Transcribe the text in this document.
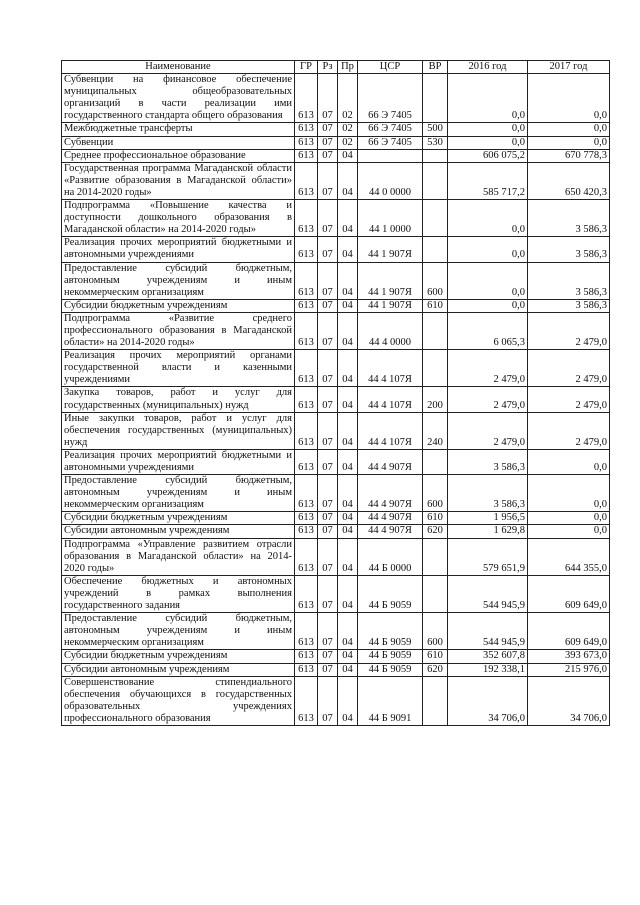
Наименование	ГР	Рз	Пр	ЦСР	ВР	2016 год	2017 год
Субвенции на финансовое обеспечение муниципальных общеобразовательных организаций в части реализации ими государственного стандарта общего образования	613	07	02	66 Э 7405		0,0	0,0
Межбюджетные трансферты	613	07	02	66 Э 7405	500	0,0	0,0
Субвенции	613	07	02	66 Э 7405	530	0,0	0,0
Среднее профессиональное образование	613	07	04			606 075,2	670 778,3
Государственная программа Магаданской области «Развитие образования в Магаданской области» на 2014-2020 годы»	613	07	04	44 0 0000		585 717,2	650 420,3
Подпрограмма «Повышение качества и доступности дошкольного образования в Магаданской области» на 2014-2020 годы»	613	07	04	44 1 0000		0,0	3 586,3
Реализация прочих мероприятий бюджетными и автономными учреждениями	613	07	04	44 1 907Я		0,0	3 586,3
Предоставление субсидий бюджетным, автономным учреждениям и иным некоммерческим организациям	613	07	04	44 1 907Я	600	0,0	3 586,3
Субсидии бюджетным учреждениям	613	07	04	44 1 907Я	610	0,0	3 586,3
Подпрограмма «Развитие среднего профессионального образования в Магаданской области» на 2014-2020 годы»	613	07	04	44 4 0000		6 065,3	2 479,0
Реализация прочих мероприятий органами государственной власти и казенными учреждениями	613	07	04	44 4 107Я		2 479,0	2 479,0
Закупка товаров, работ и услуг для государственных (муниципальных) нужд	613	07	04	44 4 107Я	200	2 479,0	2 479,0
Иные закупки товаров, работ и услуг для обеспечения государственных (муниципальных) нужд	613	07	04	44 4 107Я	240	2 479,0	2 479,0
Реализация прочих мероприятий бюджетными и автономными учреждениями	613	07	04	44 4 907Я		3 586,3	0,0
Предоставление субсидий бюджетным, автономным учреждениям и иным некоммерческим организациям	613	07	04	44 4 907Я	600	3 586,3	0,0
Субсидии бюджетным учреждениям	613	07	04	44 4 907Я	610	1 956,5	0,0
Субсидии автономным учреждениям	613	07	04	44 4 907Я	620	1 629,8	0,0
Подпрограмма «Управление развитием отрасли образования в Магаданской области» на 2014-2020 годы»	613	07	04	44 Б 0000		579 651,9	644 355,0
Обеспечение бюджетных и автономных учреждений в рамках выполнения государственного задания	613	07	04	44 Б 9059		544 945,9	609 649,0
Предоставление субсидий бюджетным, автономным учреждениям и иным некоммерческим организациям	613	07	04	44 Б 9059	600	544 945,9	609 649,0
Субсидии бюджетным учреждениям	613	07	04	44 Б 9059	610	352 607,8	393 673,0
Субсидии автономным учреждениям	613	07	04	44 Б 9059	620	192 338,1	215 976,0
Совершенствование стипендиального обеспечения обучающихся в государственных образовательных учреждениях профессионального образования	613	07	04	44 Б 9091		34 706,0	34 706,0
